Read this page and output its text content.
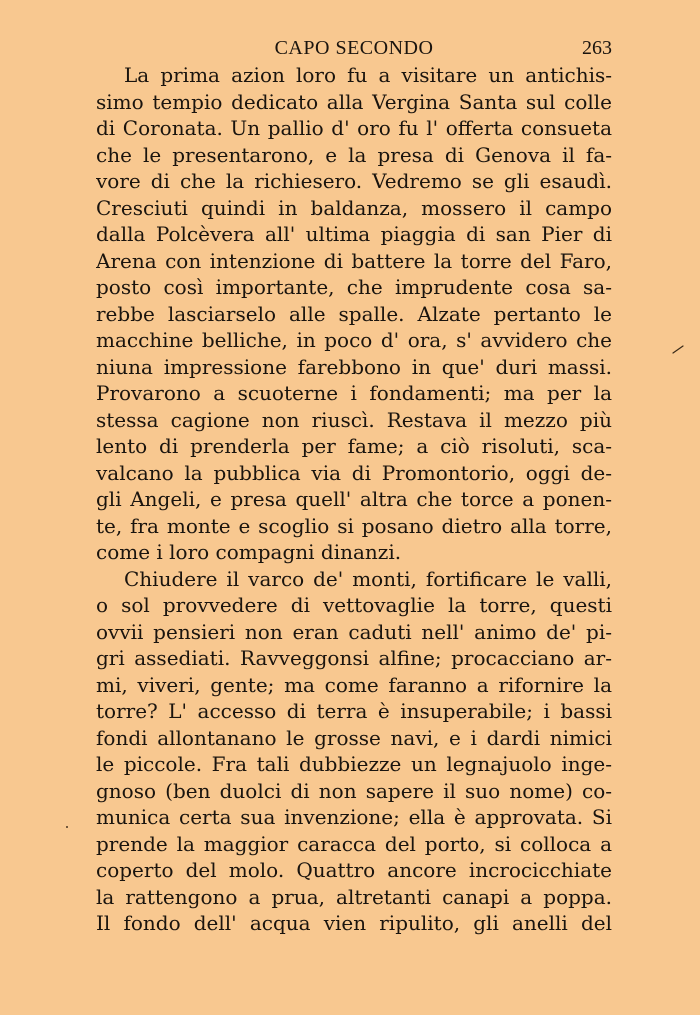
CAPO SECONDO	263
La prima azion loro fu a visitare un antichis-
simo tempio dedicato alla Vergina Santa sul colle
di Coronata. Un pallio d' oro fu l' offerta consueta
che le presentarono, e la presa di Genova il fa-
vore di che la richiesero. Vedremo se gli esaudì.
Cresciuti quindi in baldanza, mossero il campo
dalla Polcèvera all' ultima piaggia di san Pier di
Arena con intenzione di battere la torre del Faro,
posto così importante, che imprudente cosa sa-
rebbe lasciarselo alle spalle. Alzate pertanto le
macchine belliche, in poco d' ora, s' avvidero che
niuna impressione farebbono in que' duri massi.
Provarono a scuoterne i fondamenti; ma per la
stessa cagione non riuscì. Restava il mezzo più
lento di prenderla per fame; a ciò risoluti, sca-
valcano la pubblica via di Promontorio, oggi de-
gli Angeli, e presa quell' altra che torce a ponen-
te, fra monte e scoglio si posano dietro alla torre,
come i loro compagni dinanzi.
Chiudere il varco de' monti, fortificare le valli,
o sol provvedere di vettovaglie la torre, questi
ovvii pensieri non eran caduti nell' animo de' pi-
gri assediati. Ravveggonsi alfine; procacciano ar-
mi, viveri, gente; ma come faranno a rifornire la
torre? L' accesso di terra è insuperabile; i bassi
fondi allontanano le grosse navi, e i dardi nimici
le piccole. Fra tali dubbiezze un legnajuolo inge-
gnoso (ben duolci di non sapere il suo nome) co-
munica certa sua invenzione; ella è approvata. Si
prende la maggior caracca del porto, si colloca a
coperto del molo. Quattro ancore incrocicchiate
la rattengono a prua, altretanti canapi a poppa.
Il fondo dell' acqua vien ripulito, gli anelli del
